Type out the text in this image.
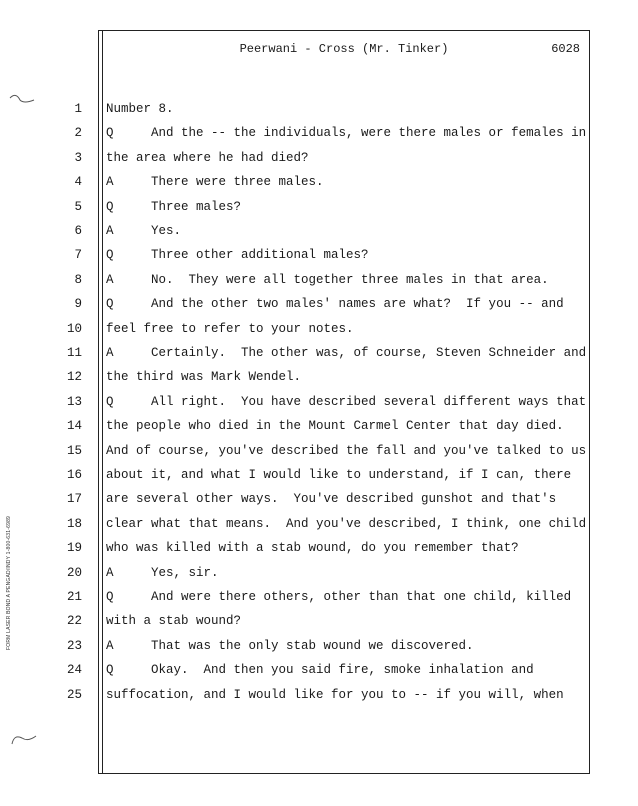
Peerwani - Cross (Mr. Tinker)	6028
1 Number 8.
2 Q     And the -- the individuals, were there males or females in
3 the area where he had died?
4 A     There were three males.
5 Q     Three males?
6 A     Yes.
7 Q     Three other additional males?
8 A     No.  They were all together three males in that area.
9 Q     And the other two males' names are what?  If you -- and
10 feel free to refer to your notes.
11 A     Certainly.  The other was, of course, Steven Schneider and
12 the third was Mark Wendel.
13 Q     All right.  You have described several different ways that
14 the people who died in the Mount Carmel Center that day died.
15 And of course, you've described the fall and you've talked to us
16 about it, and what I would like to understand, if I can, there
17 are several other ways.  You've described gunshot and that's
18 clear what that means.  And you've described, I think, one child
19 who was killed with a stab wound, do you remember that?
20 A     Yes, sir.
21 Q     And were there others, other than that one child, killed
22 with a stab wound?
23 A     That was the only stab wound we discovered.
24 Q     Okay.  And then you said fire, smoke inhalation and
25 suffocation, and I would like for you to -- if you will, when
FORM LASER BOND A PENGAD/INDY 1-800-631-6989
